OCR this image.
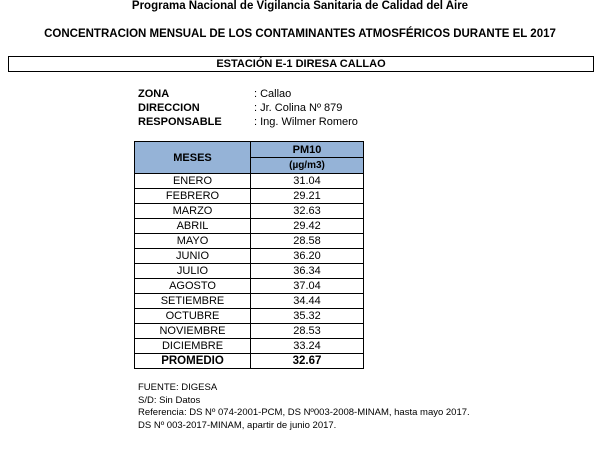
Programa Nacional de Vigilancia Sanitaria de Calidad del Aire
CONCENTRACION MENSUAL DE LOS CONTAMINANTES ATMOSFÉRICOS DURANTE EL 2017
ESTACIÓN E-1 DIRESA CALLAO
ZONA	: Callao
DIRECCION	: Jr. Colina Nº 879
RESPONSABLE	: Ing. Wilmer Romero
MESES	PM10
	(µg/m3)
ENERO	31.04
FEBRERO	29.21
MARZO	32.63
ABRIL	29.42
MAYO	28.58
JUNIO	36.20
JULIO	36.34
AGOSTO	37.04
SETIEMBRE	34.44
OCTUBRE	35.32
NOVIEMBRE	28.53
DICIEMBRE	33.24
PROMEDIO	32.67
FUENTE: DIGESA
S/D: Sin Datos
Referencia: DS Nº 074-2001-PCM, DS Nº003-2008-MINAM, hasta mayo 2017.
DS Nº 003-2017-MINAM, apartir de junio 2017.
